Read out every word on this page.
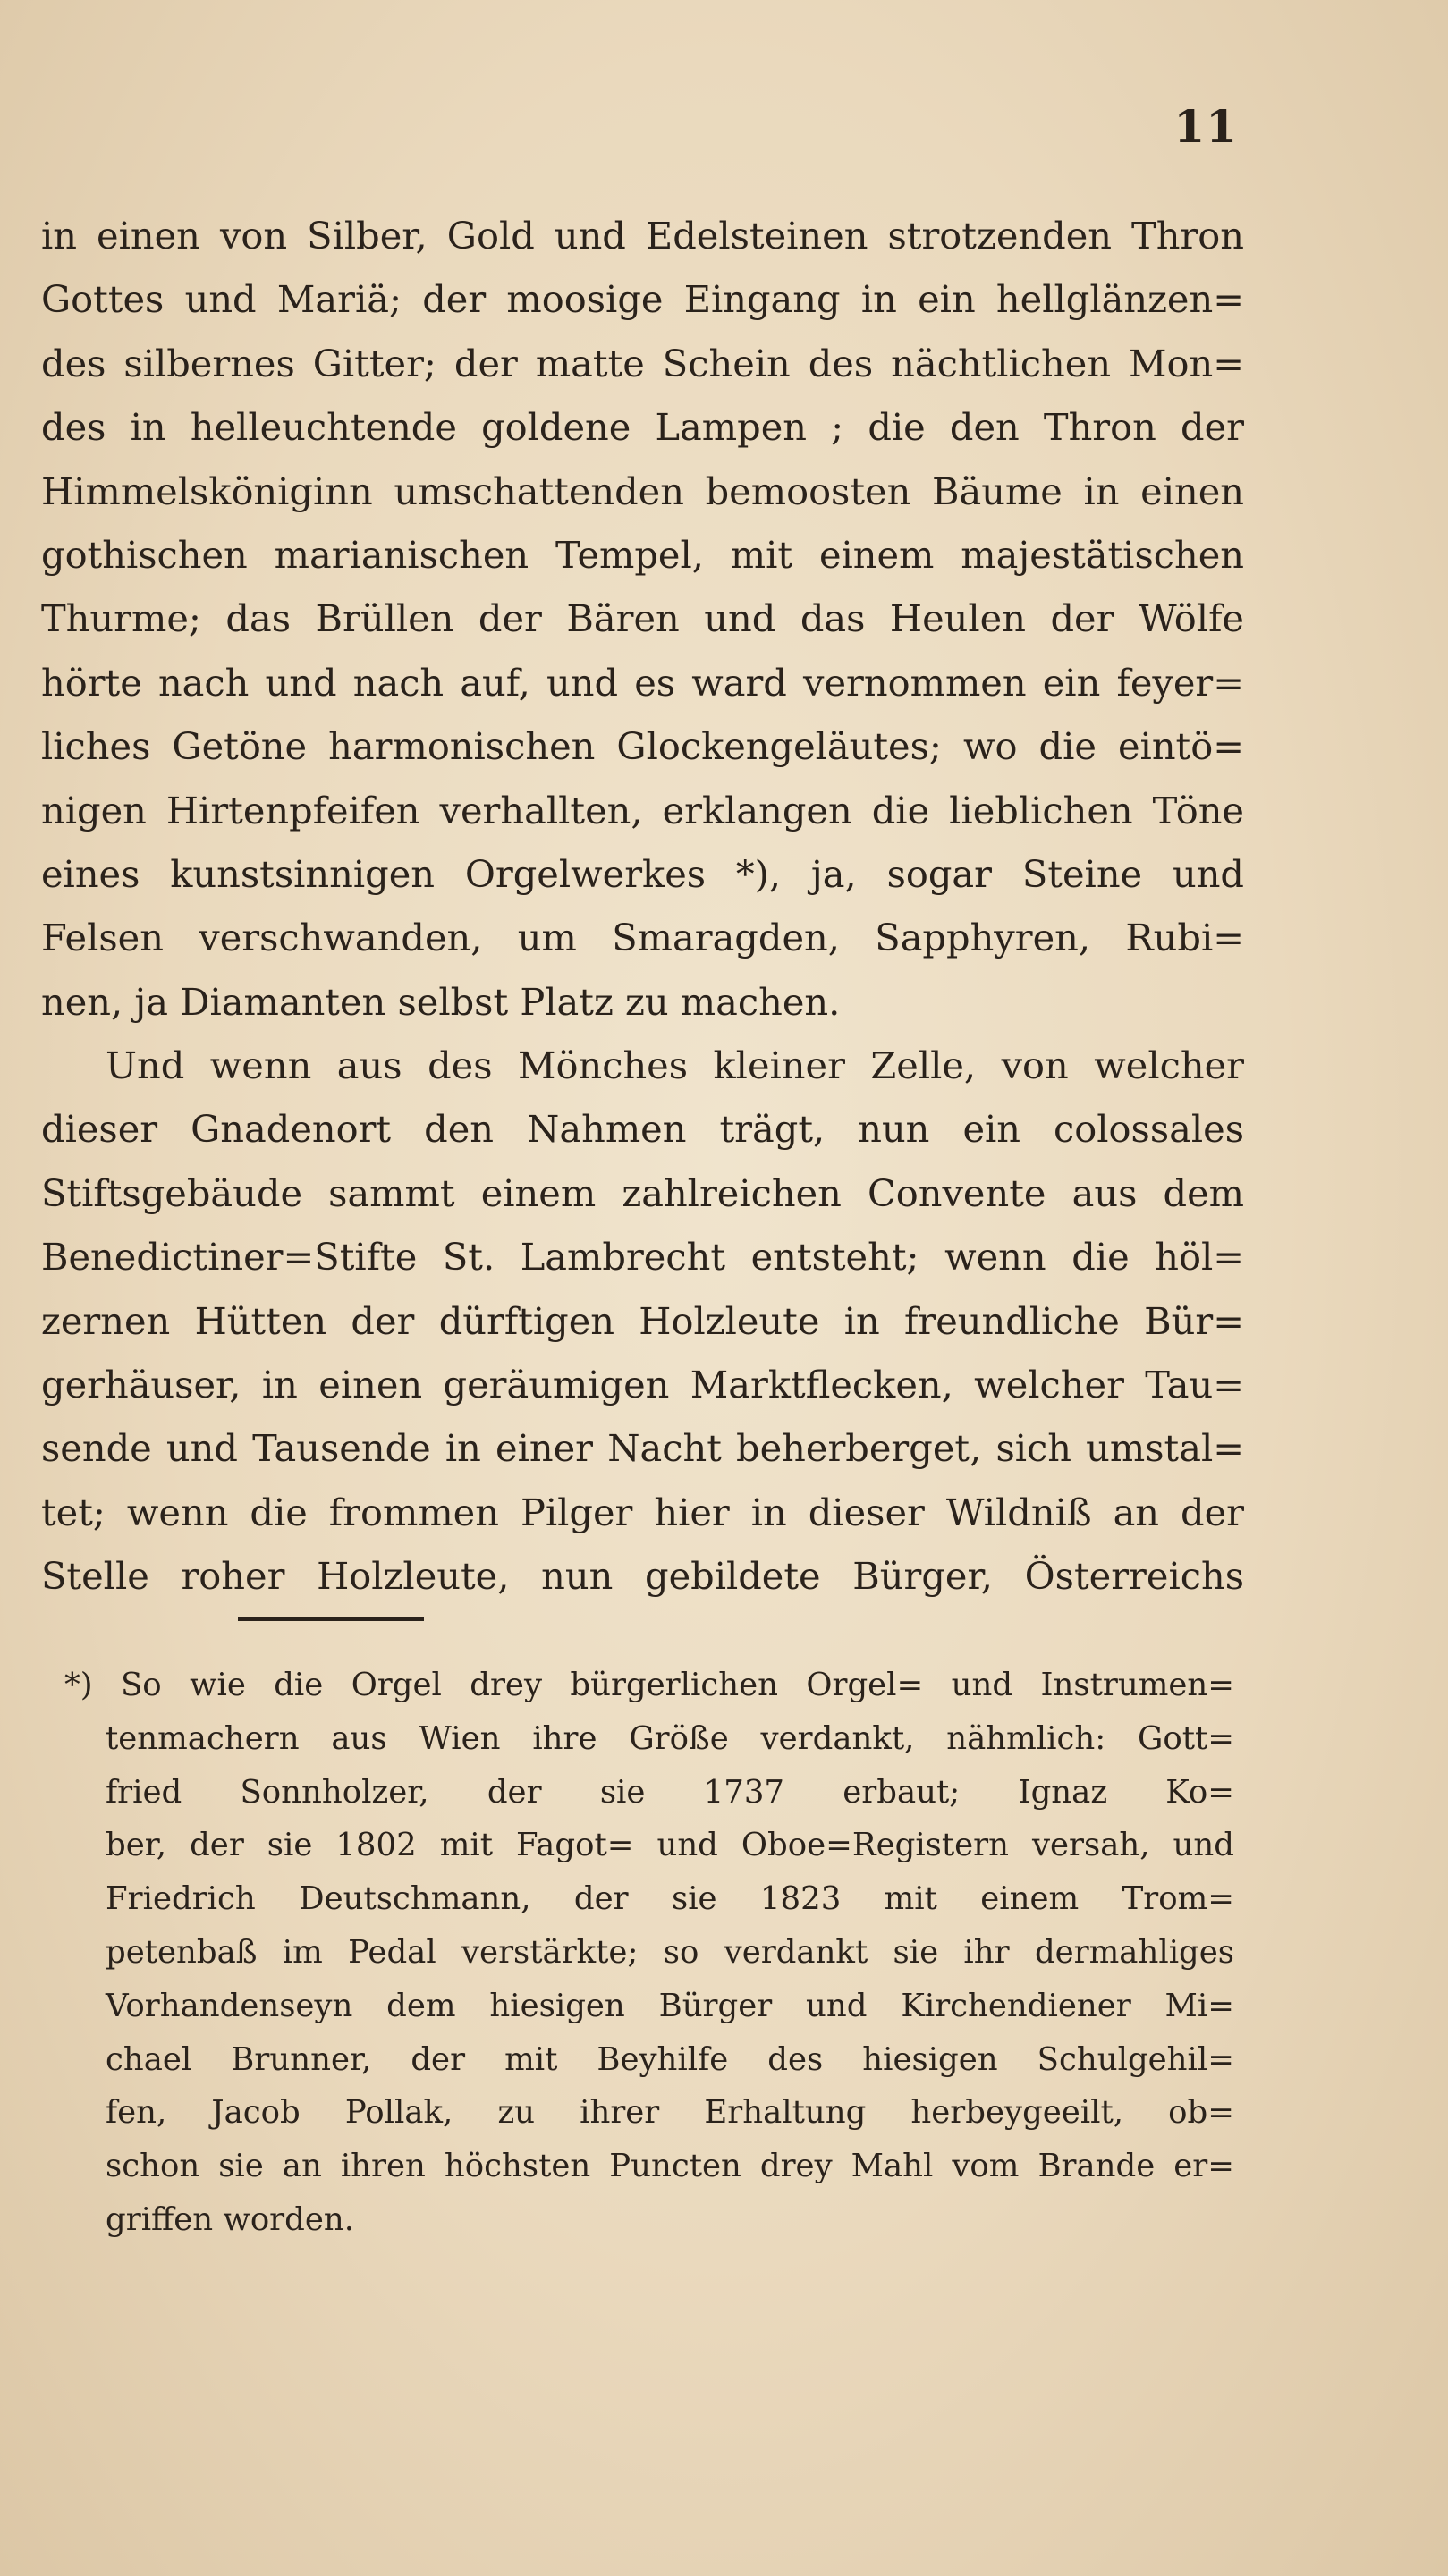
11
in einen von Silber, Gold und Edelsteinen strotzenden Thron
Gottes und Mariä; der moosige Eingang in ein hellglänzen=
des silbernes Gitter; der matte Schein des nächtlichen Mon=
des in helleuchtende goldene Lampen ; die den Thron der
Himmelsköniginn umschattenden bemoosten Bäume in einen
gothischen marianischen Tempel, mit einem majestätischen
Thurme; das Brüllen der Bären und das Heulen der Wölfe
hörte nach und nach auf, und es ward vernommen ein feyer=
liches Getöne harmonischen Glockengeläutes; wo die eintö=
nigen Hirtenpfeifen verhallten, erklangen die lieblichen Töne
eines kunstsinnigen Orgelwerkes *), ja, sogar Steine und
Felsen verschwanden, um Smaragden, Sapphyren, Rubi=
nen, ja Diamanten selbst Platz zu machen.
Und wenn aus des Mönches kleiner Zelle, von welcher
dieser Gnadenort den Nahmen trägt, nun ein colossales
Stiftsgebäude sammt einem zahlreichen Convente aus dem
Benedictiner=Stifte St. Lambrecht entsteht; wenn die höl=
zernen Hütten der dürftigen Holzleute in freundliche Bür=
gerhäuser, in einen geräumigen Marktflecken, welcher Tau=
sende und Tausende in einer Nacht beherberget, sich umstal=
tet; wenn die frommen Pilger hier in dieser Wildniß an der
Stelle roher Holzleute, nun gebildete Bürger, Österreichs
*) So wie die Orgel drey bürgerlichen Orgel= und Instrumen=
tenmachern aus Wien ihre Größe verdankt, nähmlich: Gott=
fried Sonnholzer, der sie 1737 erbaut; Ignaz Ko=
ber, der sie 1802 mit Fagot= und Oboe=Registern versah, und
Friedrich Deutschmann, der sie 1823 mit einem Trom=
petenbaß im Pedal verstärkte; so verdankt sie ihr dermahliges
Vorhandenseyn dem hiesigen Bürger und Kirchendiener Mi=
chael Brunner, der mit Beyhilfe des hiesigen Schulgehil=
fen, Jacob Pollak, zu ihrer Erhaltung herbeygeeilt, ob=
schon sie an ihren höchsten Puncten drey Mahl vom Brande er=
griffen worden.
